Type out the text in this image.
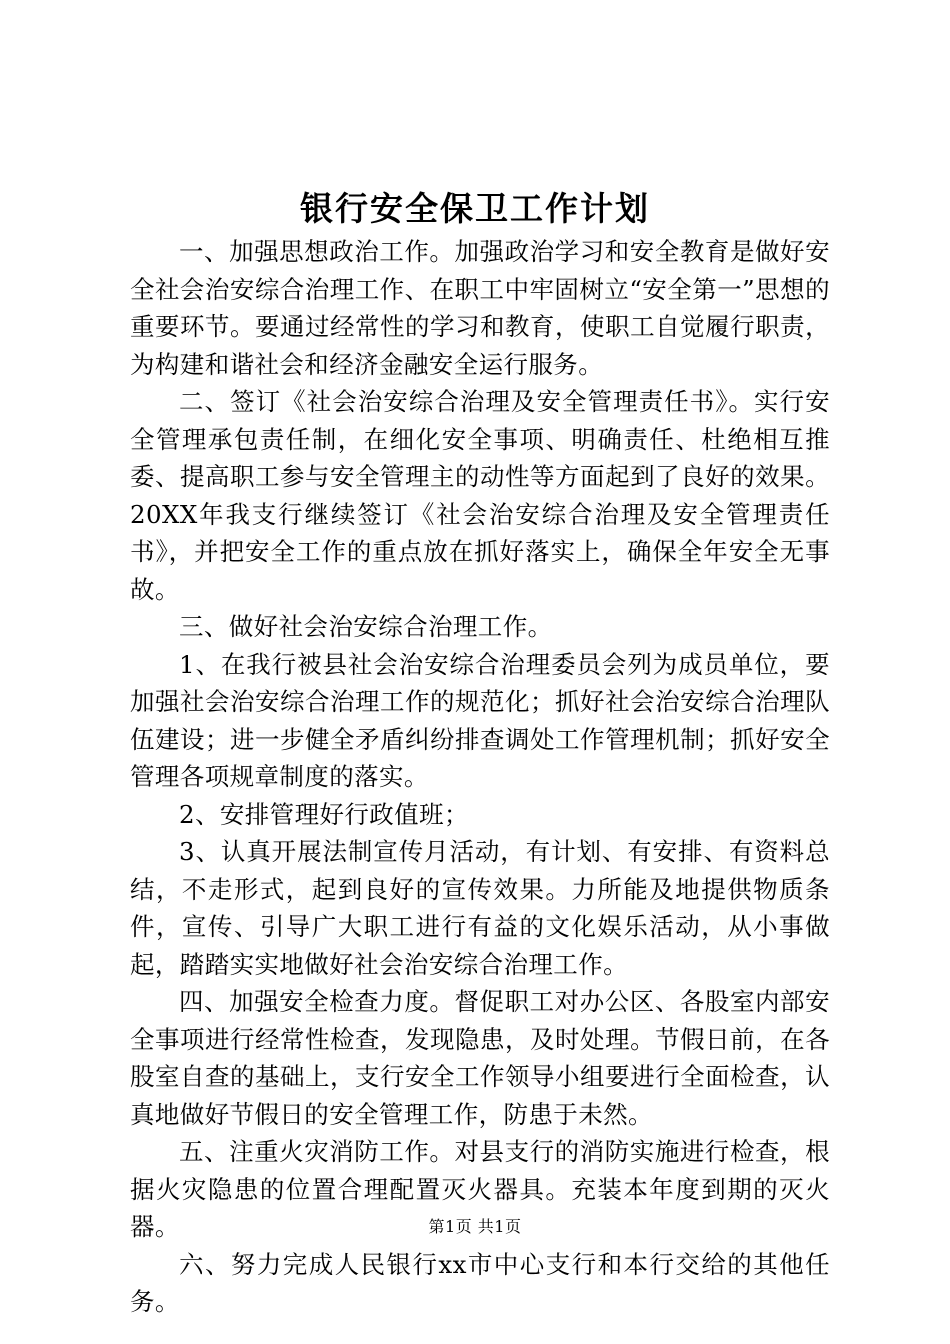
银行安全保卫工作计划

一、加强思想政治工作。加强政治学习和安全教育是做好安全社会治安综合治理工作、在职工中牢固树立“安全第一”思想的重要环节。要通过经常性的学习和教育，使职工自觉履行职责，为构建和谐社会和经济金融安全运行服务。

二、签订《社会治安综合治理及安全管理责任书》。实行安全管理承包责任制，在细化安全事项、明确责任、杜绝相互推委、提高职工参与安全管理主的动性等方面起到了良好的效果。20XX年我支行继续签订《社会治安综合治理及安全管理责任书》，并把安全工作的重点放在抓好落实上，确保全年安全无事故。

三、做好社会治安综合治理工作。

1、在我行被县社会治安综合治理委员会列为成员单位，要加强社会治安综合治理工作的规范化；抓好社会治安综合治理队伍建设；进一步健全矛盾纠纷排查调处工作管理机制；抓好安全管理各项规章制度的落实。

2、安排管理好行政值班；

3、认真开展法制宣传月活动，有计划、有安排、有资料总结，不走形式，起到良好的宣传效果。力所能及地提供物质条件，宣传、引导广大职工进行有益的文化娱乐活动，从小事做起，踏踏实实地做好社会治安综合治理工作。

四、加强安全检查力度。督促职工对办公区、各股室内部安全事项进行经常性检查，发现隐患，及时处理。节假日前，在各股室自查的基础上，支行安全工作领导小组要进行全面检查，认真地做好节假日的安全管理工作，防患于未然。

五、注重火灾消防工作。对县支行的消防实施进行检查，根据火灾隐患的位置合理配置灭火器具。充装本年度到期的灭火器。

六、努力完成人民银行xx市中心支行和本行交给的其他任务。

第1页 共1页
